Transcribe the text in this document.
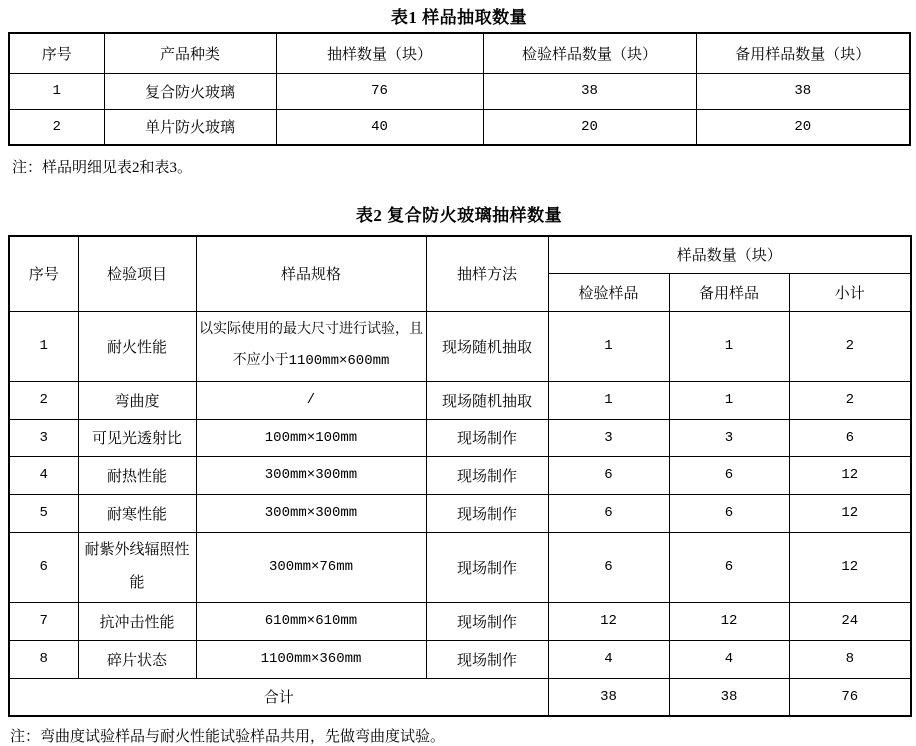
表1 样品抽取数量
序号	产品种类	抽样数量（块）	检验样品数量（块）	备用样品数量（块）
1	复合防火玻璃	76	38	38
2	单片防火玻璃	40	20	20

注：样品明细见表2和表3。

表2 复合防火玻璃抽样数量
序号	检验项目	样品规格	抽样方法	样品数量（块）		
				检验样品	备用样品	小计
1	耐火性能	以实际使用的最大尺寸进行试验，且不应小于1100mm×600mm	现场随机抽取	1	1	2
2	弯曲度	/	现场随机抽取	1	1	2
3	可见光透射比	100mm×100mm	现场制作	3	3	6
4	耐热性能	300mm×300mm	现场制作	6	6	12
5	耐寒性能	300mm×300mm	现场制作	6	6	12
6	耐紫外线辐照性能	300mm×76mm	现场制作	6	6	12
7	抗冲击性能	610mm×610mm	现场制作	12	12	24
8	碎片状态	1100mm×360mm	现场制作	4	4	8
合计				38	38	76

注：弯曲度试验样品与耐火性能试验样品共用，先做弯曲度试验。
